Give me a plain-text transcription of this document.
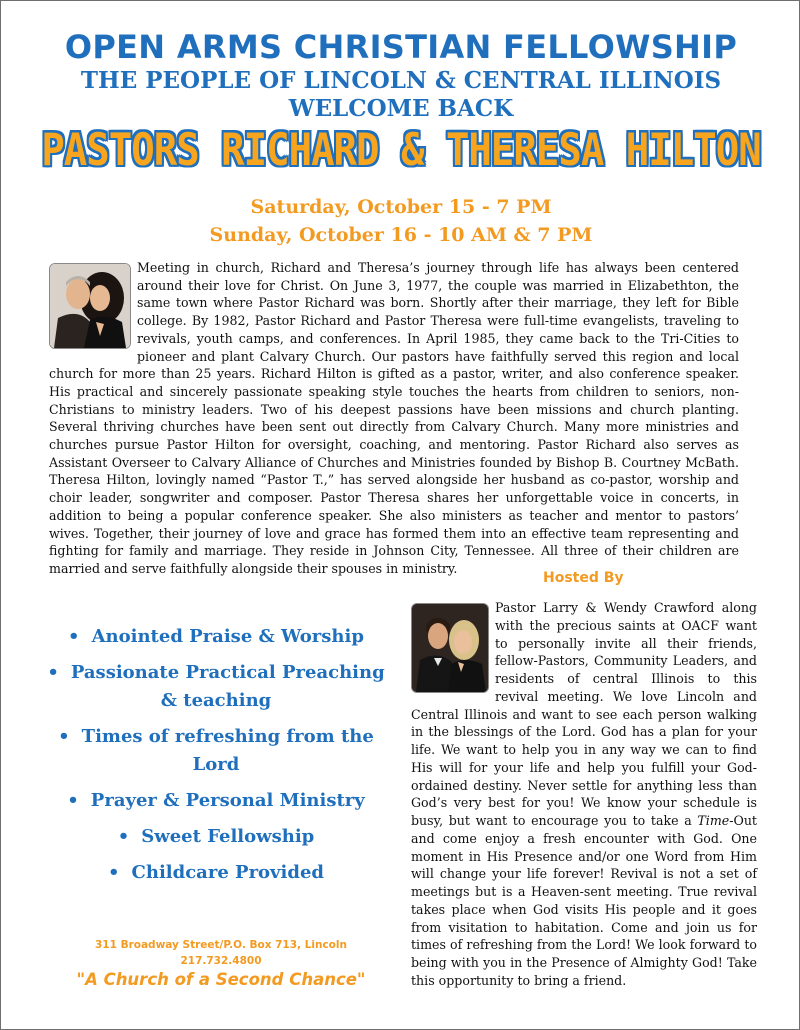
OPEN ARMS CHRISTIAN FELLOWSHIP
THE PEOPLE OF LINCOLN & CENTRAL ILLINOIS
WELCOME BACK
PASTORS RICHARD & THERESA HILTON
Saturday, October 15 - 7 PM
Sunday, October 16 - 10 AM & 7 PM
Meeting in church, Richard and Theresa’s journey through life has always been centered around their love for Christ. On June 3, 1977, the couple was married in Elizabethton, the same town where Pastor Richard was born. Shortly after their marriage, they left for Bible college. By 1982, Pastor Richard and Pastor Theresa were full-time evangelists, traveling to revivals, youth camps, and conferences. In April 1985, they came back to the Tri-Cities to pioneer and plant Calvary Church. Our pastors have faithfully served this region and local church for more than 25 years. Richard Hilton is gifted as a pastor, writer, and also conference speaker. His practical and sincerely passionate speaking style touches the hearts from children to seniors, non-Christians to ministry leaders. Two of his deepest passions have been missions and church planting. Several thriving churches have been sent out directly from Calvary Church. Many more ministries and churches pursue Pastor Hilton for oversight, coaching, and mentoring. Pastor Richard also serves as Assistant Overseer to Calvary Alliance of Churches and Ministries founded by Bishop B. Courtney McBath. Theresa Hilton, lovingly named “Pastor T.,” has served alongside her husband as co-pastor, worship and choir leader, songwriter and composer. Pastor Theresa shares her unforgettable voice in concerts, in addition to being a popular conference speaker. She also ministers as teacher and mentor to pastors’ wives. Together, their journey of love and grace has formed them into an effective team representing and fighting for family and marriage. They reside in Johnson City, Tennessee. All three of their children are married and serve faithfully alongside their spouses in ministry.
Hosted By
• Anointed Praise & Worship
• Passionate Practical Preaching & teaching
• Times of refreshing from the Lord
• Prayer & Personal Ministry
• Sweet Fellowship
• Childcare Provided
311 Broadway Street/P.O. Box 713, Lincoln
217.732.4800
"A Church of a Second Chance"
Pastor Larry & Wendy Crawford along with the precious saints at OACF want to personally invite all their friends, fellow-Pastors, Community Leaders, and residents of central Illinois to this revival meeting. We love Lincoln and Central Illinois and want to see each person walking in the blessings of the Lord. God has a plan for your life. We want to help you in any way we can to find His will for your life and help you fulfill your God-ordained destiny. Never settle for anything less than God’s very best for you! We know your schedule is busy, but want to encourage you to take a Time-Out and come enjoy a fresh encounter with God. One moment in His Presence and/or one Word from Him will change your life forever! Revival is not a set of meetings but is a Heaven-sent meeting. True revival takes place when God visits His people and it goes from visitation to habitation. Come and join us for times of refreshing from the Lord! We look forward to being with you in the Presence of Almighty God! Take this opportunity to bring a friend.
